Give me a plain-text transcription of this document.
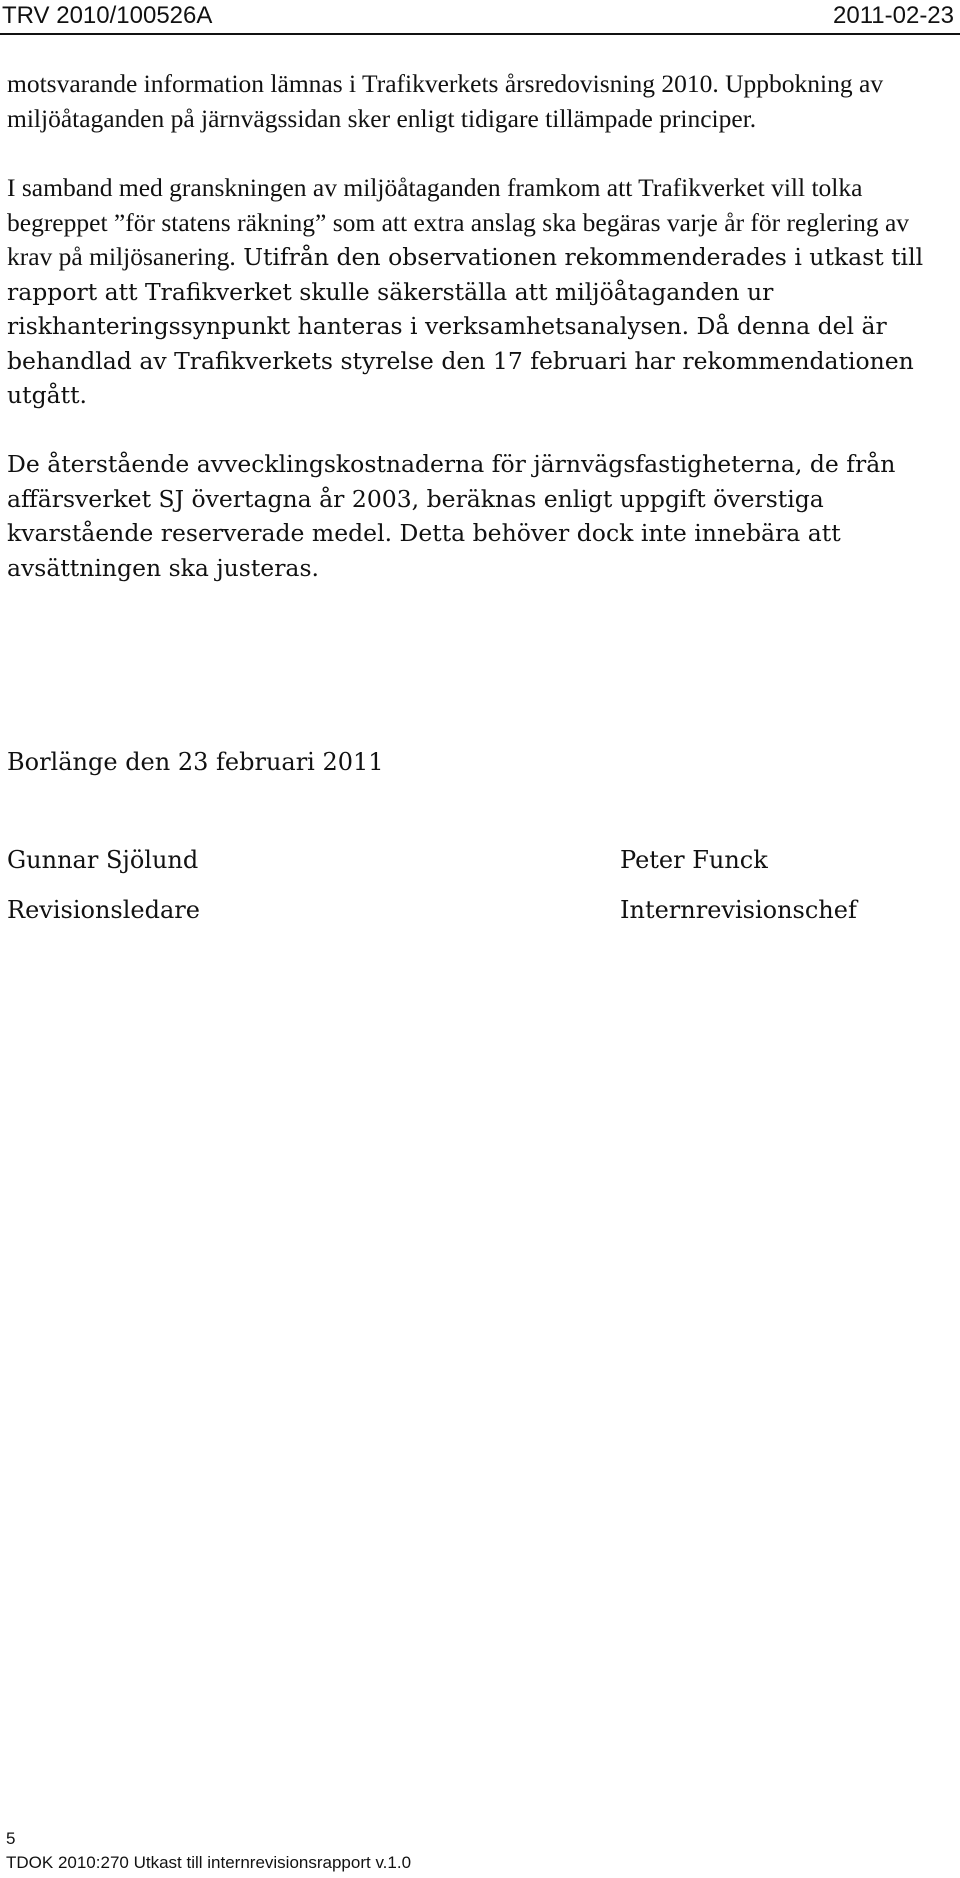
TRV 2010/100526A	2011-02-23

motsvarande information lämnas i Trafikverkets årsredovisning 2010. Uppbokning av miljöåtaganden på järnvägssidan sker enligt tidigare tillämpade principer.

I samband med granskningen av miljöåtaganden framkom att Trafikverket vill tolka begreppet ”för statens räkning” som att extra anslag ska begäras varje år för reglering av krav på miljösanering. Utifrån den observationen rekommenderades i utkast till rapport att Trafikverket skulle säkerställa att miljöåtaganden ur riskhanteringssynpunkt hanteras i verksamhetsanalysen. Då denna del är behandlad av Trafikverkets styrelse den 17 februari har rekommendationen utgått.

De återstående avvecklingskostnaderna för järnvägsfastigheterna, de från affärsverket SJ övertagna år 2003, beräknas enligt uppgift överstiga kvarstående reserverade medel. Detta behöver dock inte innebära att avsättningen ska justeras.

Borlänge den 23 februari 2011
Gunnar Sjölund
Revisionsledare
Peter Funck
Internrevisionschef
5
TDOK 2010:270 Utkast till internrevisionsrapport v.1.0
